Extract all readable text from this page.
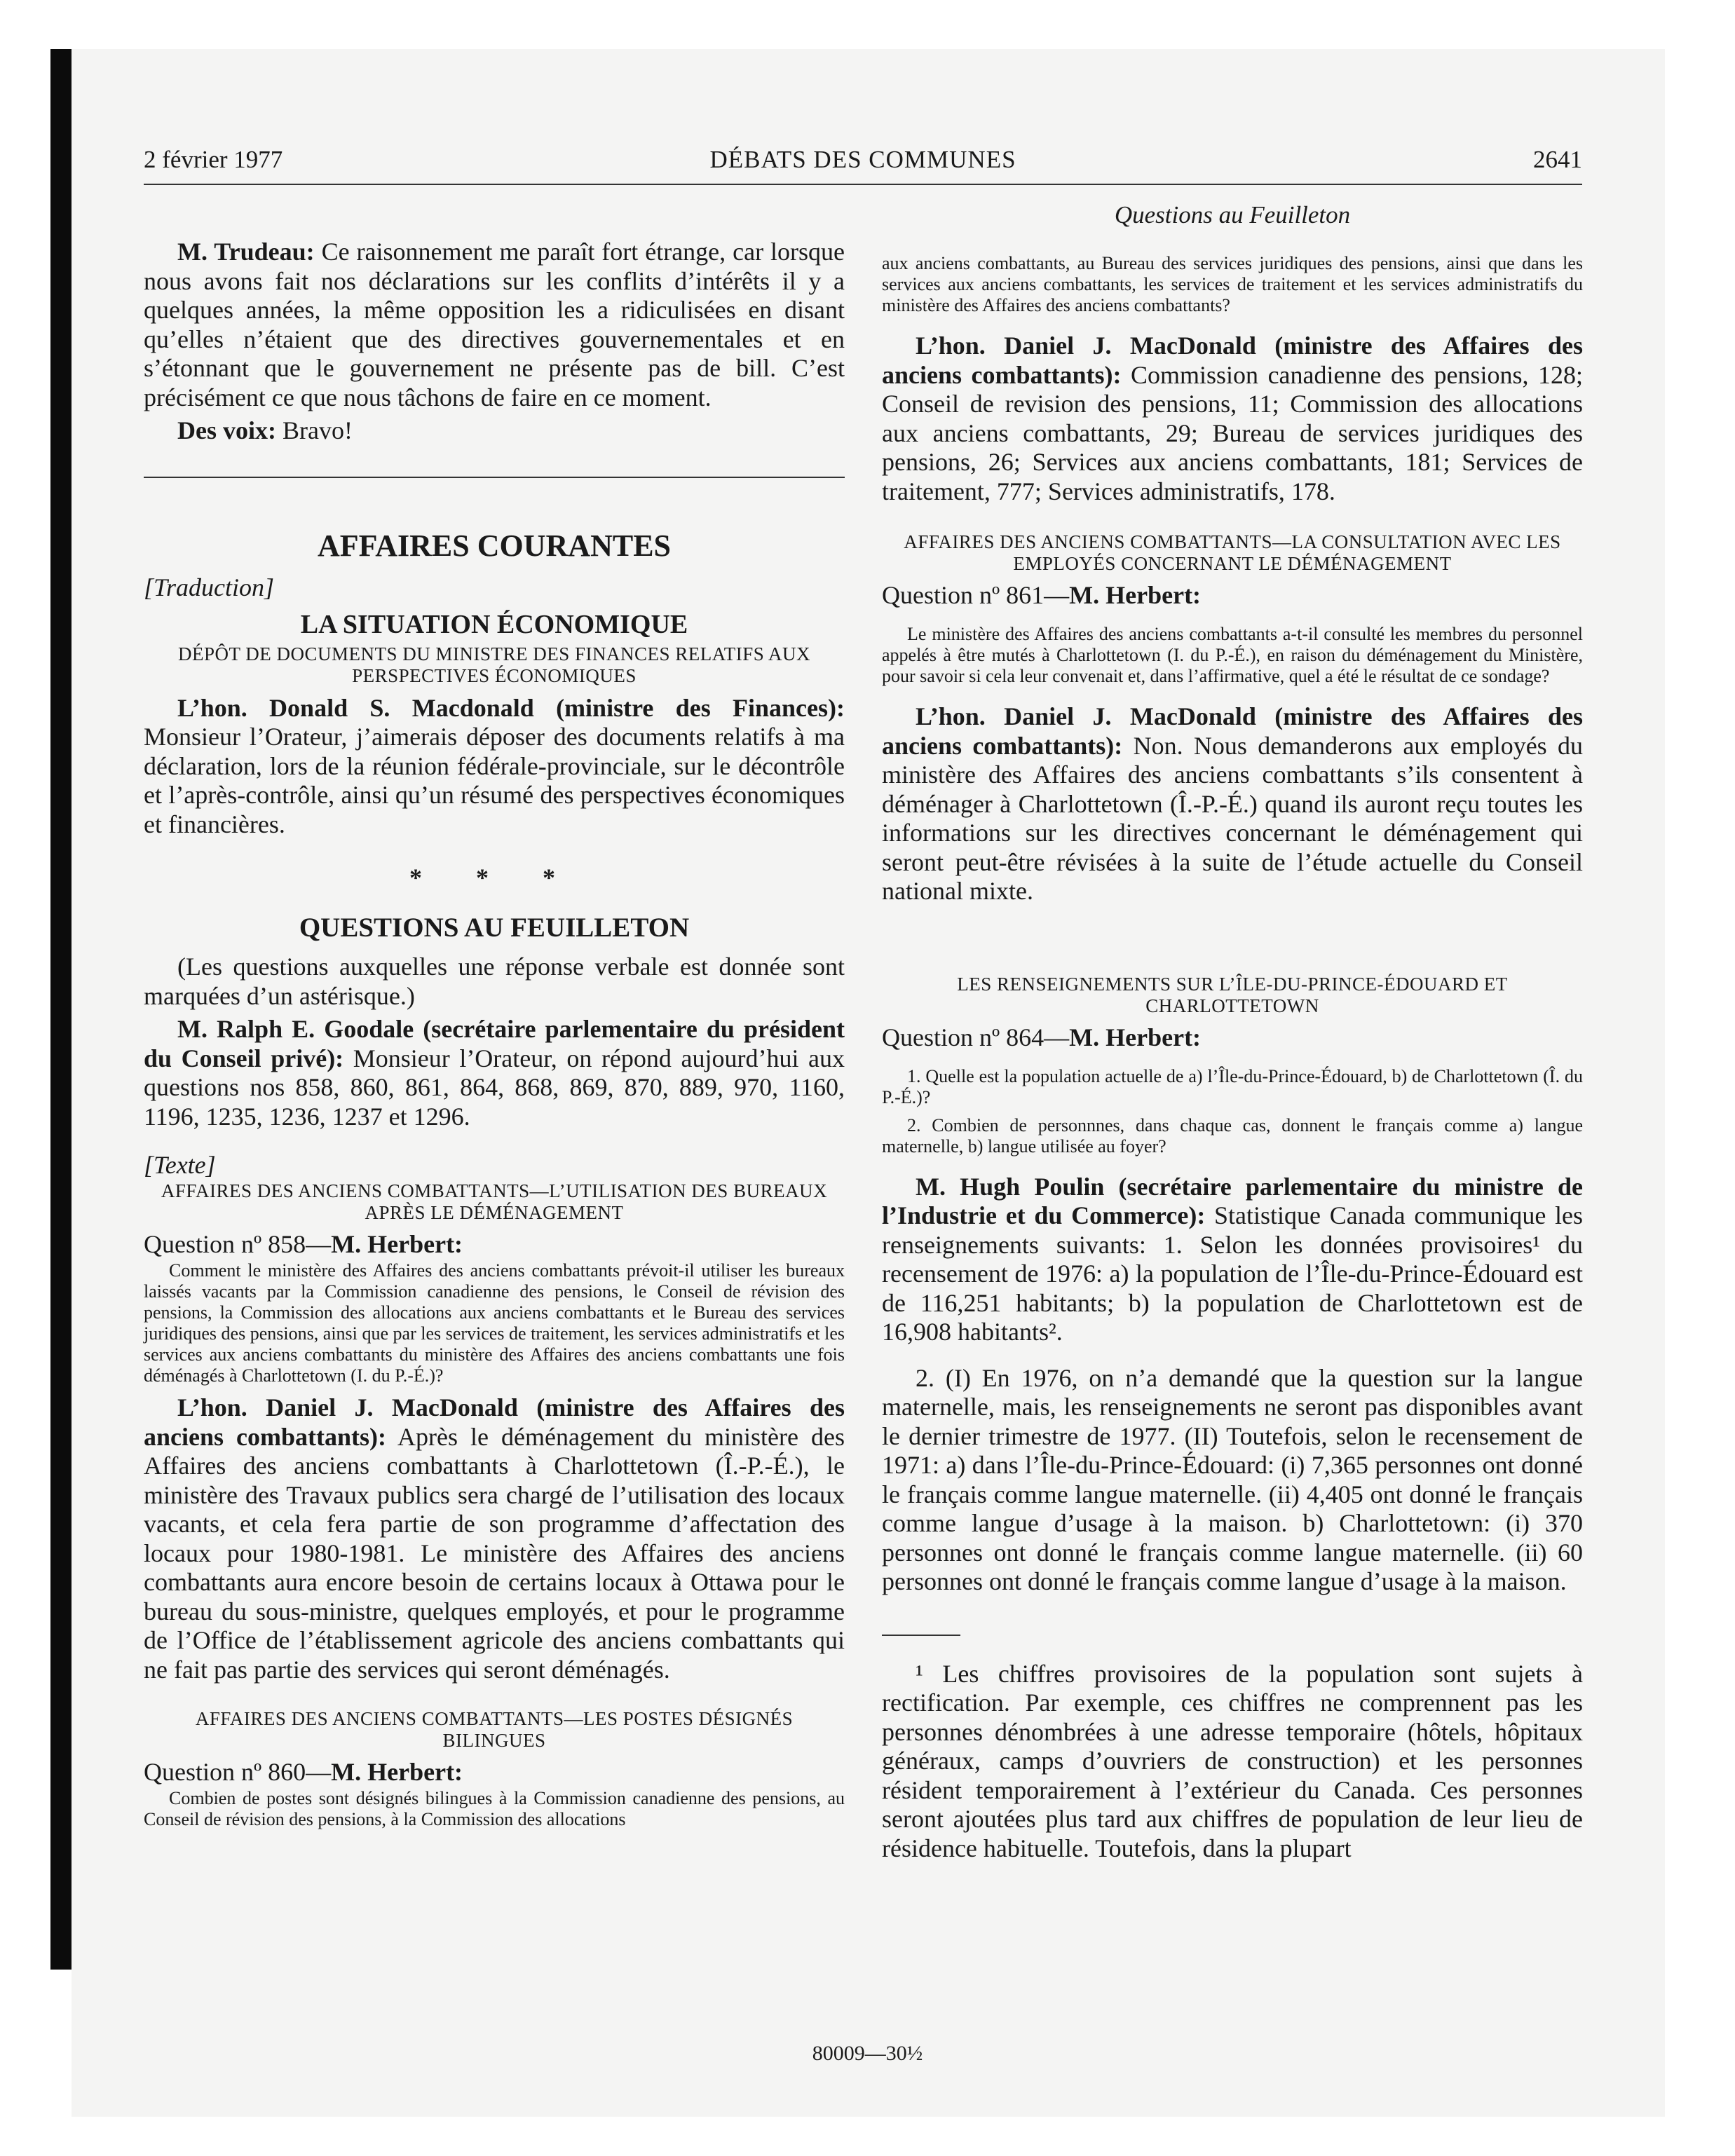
2 février 1977	DÉBATS DES COMMUNES	2641

M. Trudeau: Ce raisonnement me paraît fort étrange, car lorsque nous avons fait nos déclarations sur les conflits d’intérêts il y a quelques années, la même opposition les a ridiculisées en disant qu’elles n’étaient que des directives gouvernementales et en s’étonnant que le gouvernement ne présente pas de bill. C’est précisément ce que nous tâchons de faire en ce moment.

Des voix: Bravo!

AFFAIRES COURANTES
[Traduction]
LA SITUATION ÉCONOMIQUE
DÉPÔT DE DOCUMENTS DU MINISTRE DES FINANCES RELATIFS AUX PERSPECTIVES ÉCONOMIQUES

L’hon. Donald S. Macdonald (ministre des Finances): Monsieur l’Orateur, j’aimerais déposer des documents relatifs à ma déclaration, lors de la réunion fédérale-provinciale, sur le décontrôle et l’après-contrôle, ainsi qu’un résumé des perspectives économiques et financières.

* * *
QUESTIONS AU FEUILLETON

(Les questions auxquelles une réponse verbale est donnée sont marquées d’un astérisque.)

M. Ralph E. Goodale (secrétaire parlementaire du président du Conseil privé): Monsieur l’Orateur, on répond aujourd’hui aux questions nos 858, 860, 861, 864, 868, 869, 870, 889, 970, 1160, 1196, 1235, 1236, 1237 et 1296.

[Texte]
AFFAIRES DES ANCIENS COMBATTANTS—L’UTILISATION DES BUREAUX APRÈS LE DÉMÉNAGEMENT
Question nº 858—M. Herbert:

Comment le ministère des Affaires des anciens combattants prévoit-il utiliser les bureaux laissés vacants par la Commission canadienne des pensions, le Conseil de révision des pensions, la Commission des allocations aux anciens combattants et le Bureau des services juridiques des pensions, ainsi que par les services de traitement, les services administratifs et les services aux anciens combattants du ministère des Affaires des anciens combattants une fois déménagés à Charlottetown (I. du P.-É.)?

L’hon. Daniel J. MacDonald (ministre des Affaires des anciens combattants): Après le déménagement du ministère des Affaires des anciens combattants à Charlottetown (Î.-P.-É.), le ministère des Travaux publics sera chargé de l’utilisation des locaux vacants, et cela fera partie de son programme d’affectation des locaux pour 1980-1981. Le ministère des Affaires des anciens combattants aura encore besoin de certains locaux à Ottawa pour le bureau du sous-ministre, quelques employés, et pour le programme de l’Office de l’établissement agricole des anciens combattants qui ne fait pas partie des services qui seront déménagés.

AFFAIRES DES ANCIENS COMBATTANTS—LES POSTES DÉSIGNÉS BILINGUES
Question nº 860—M. Herbert:

Combien de postes sont désignés bilingues à la Commission canadienne des pensions, au Conseil de révision des pensions, à la Commission des allocations

Questions au Feuilleton

aux anciens combattants, au Bureau des services juridiques des pensions, ainsi que dans les services aux anciens combattants, les services de traitement et les services administratifs du ministère des Affaires des anciens combattants?

L’hon. Daniel J. MacDonald (ministre des Affaires des anciens combattants): Commission canadienne des pensions, 128; Conseil de revision des pensions, 11; Commission des allocations aux anciens combattants, 29; Bureau de services juridiques des pensions, 26; Services aux anciens combattants, 181; Services de traitement, 777; Services administratifs, 178.

AFFAIRES DES ANCIENS COMBATTANTS—LA CONSULTATION AVEC LES EMPLOYÉS CONCERNANT LE DÉMÉNAGEMENT
Question nº 861—M. Herbert:

Le ministère des Affaires des anciens combattants a-t-il consulté les membres du personnel appelés à être mutés à Charlottetown (I. du P.-É.), en raison du déménagement du Ministère, pour savoir si cela leur convenait et, dans l’affirmative, quel a été le résultat de ce sondage?

L’hon. Daniel J. MacDonald (ministre des Affaires des anciens combattants): Non. Nous demanderons aux employés du ministère des Affaires des anciens combattants s’ils consentent à déménager à Charlottetown (Î.-P.-É.) quand ils auront reçu toutes les informations sur les directives concernant le déménagement qui seront peut-être révisées à la suite de l’étude actuelle du Conseil national mixte.

LES RENSEIGNEMENTS SUR L’ÎLE-DU-PRINCE-ÉDOUARD ET CHARLOTTETOWN
Question nº 864—M. Herbert:

1. Quelle est la population actuelle de a) l’Île-du-Prince-Édouard, b) de Charlottetown (Î. du P.-É.)?

2. Combien de personnnes, dans chaque cas, donnent le français comme a) langue maternelle, b) langue utilisée au foyer?

M. Hugh Poulin (secrétaire parlementaire du ministre de l’Industrie et du Commerce): Statistique Canada communique les renseignements suivants: 1. Selon les données provisoires¹ du recensement de 1976: a) la population de l’Île-du-Prince-Édouard est de 116,251 habitants; b) la population de Charlottetown est de 16,908 habitants².

2. (I) En 1976, on n’a demandé que la question sur la langue maternelle, mais, les renseignements ne seront pas disponibles avant le dernier trimestre de 1977. (II) Toutefois, selon le recensement de 1971: a) dans l’Île-du-Prince-Édouard: (i) 7,365 personnes ont donné le français comme langue maternelle. (ii) 4,405 ont donné le français comme langue d’usage à la maison. b) Charlottetown: (i) 370 personnes ont donné le français comme langue maternelle. (ii) 60 personnes ont donné le français comme langue d’usage à la maison.

¹ Les chiffres provisoires de la population sont sujets à rectification. Par exemple, ces chiffres ne comprennent pas les personnes dénombrées à une adresse temporaire (hôtels, hôpitaux généraux, camps d’ouvriers de construction) et les personnes résident temporairement à l’extérieur du Canada. Ces personnes seront ajoutées plus tard aux chiffres de population de leur lieu de résidence habituelle. Toutefois, dans la plupart

80009—30½
